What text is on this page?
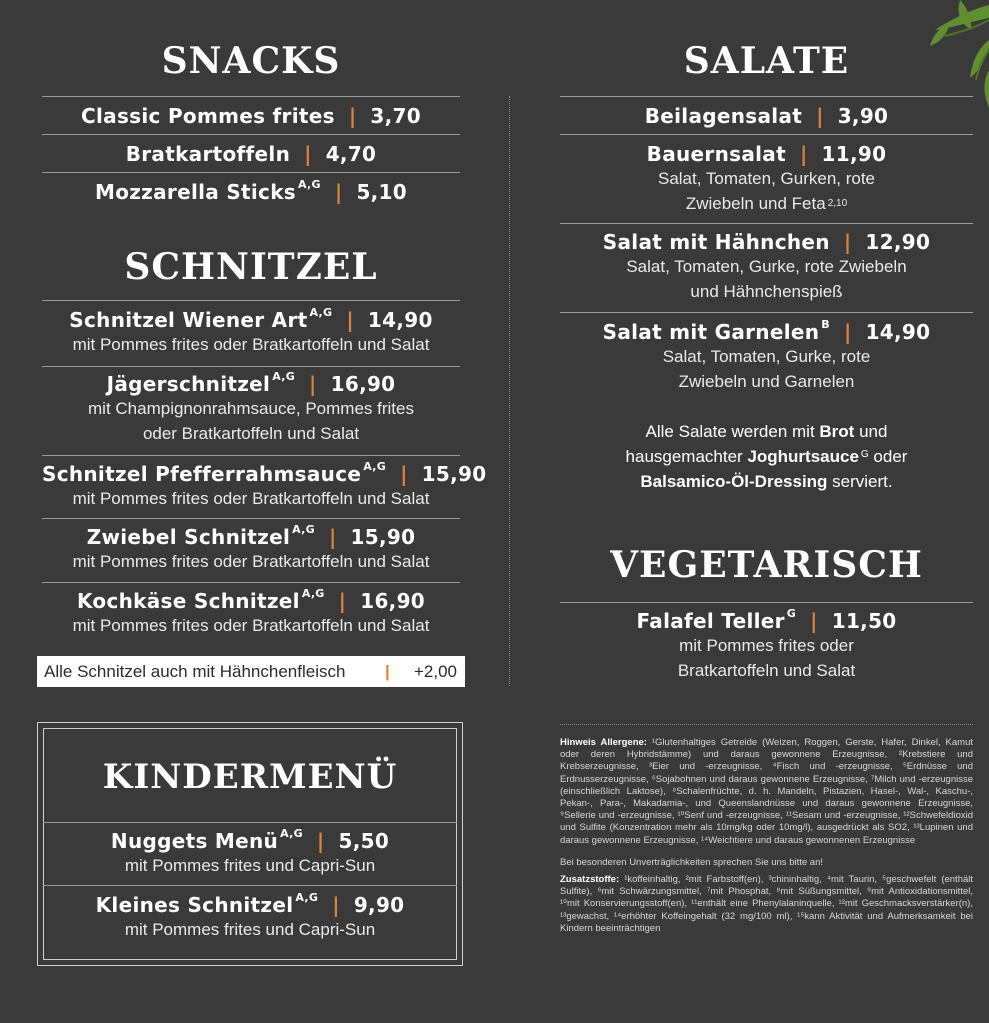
SNACKS
Classic Pommes frites | 3,70
Bratkartoffeln | 4,70
Mozzarella Sticks $^{A,G}$ | 5,10
SCHNITZEL
Schnitzel Wiener Art $^{A,G}$ | 14,90
mit Pommes frites oder Bratkartoffeln und Salat
Jägerschnitzel $^{A,G}$ | 16,90
mit Champignonrahmsauce, Pommes frites
oder Bratkartoffeln und Salat
Schnitzel Pfefferrahmsauce $^{A,G}$ | 15,90
mit Pommes frites oder Bratkartoffeln und Salat
Zwiebel Schnitzel $^{A,G}$ | 15,90
mit Pommes frites oder Bratkartoffeln und Salat
Kochkäse Schnitzel $^{A,G}$ | 16,90
mit Pommes frites oder Bratkartoffeln und Salat
Alle Schnitzel auch mit Hähnchenfleisch | +2,00
KINDERMENÜ
Nuggets Menü $^{A,G}$ | 5,50
mit Pommes frites und Capri-Sun
Kleines Schnitzel $^{A,G}$ | 9,90
mit Pommes frites und Capri-Sun
SALATE
Beilagensalat | 3,90
Bauernsalat | 11,90
Salat, Tomaten, Gurken, rote
Zwiebeln und Feta $^{2,10}$
Salat mit Hähnchen | 12,90
Salat, Tomaten, Gurke, rote Zwiebeln
und Hähnchenspieß
Salat mit Garnelen $^B$ | 14,90
Salat, Tomaten, Gurke, rote
Zwiebeln und Garnelen
Alle Salate werden mit Brot und
hausgemachter Joghurtsauce $^G$ oder
Balsamico-Öl-Dressing serviert.
VEGETARISCH
Falafel Teller $^G$ | 11,50
mit Pommes frites oder
Bratkartoffeln und Salat
Hinweis Allergene: ¹Glutenhaltiges Getreide (Weizen, Roggen, Gerste, Hafer, Dinkel, Kamut oder deren Hybridstämme) und daraus gewonnene Erzeugnisse, ²Krebstiere und Krebserzeugnisse, ³Eier und -erzeugnisse, ⁴Fisch und -erzeugnisse, ⁵Erdnüsse und Erdnusserzeugnisse, ⁶Sojabohnen und daraus gewonnene Erzeugnisse, ⁷Milch und -erzeugnisse (einschließlich Laktose), ⁸Schalenfrüchte, d. h. Mandeln, Pistazien, Hasel-, Wal-, Kaschu-, Pekan-, Para-, Makadamia-, und Queenslandnüsse und daraus gewonnene Erzeugnisse, ⁹Sellerie und -erzeugnisse, ¹⁰Senf und -erzeugnisse, ¹¹Sesam und -erzeugnisse, ¹²Schwefeldioxid und Sulfite (Konzentration mehr als 10mg/kg oder 10mg/l), ausgedrückt als SO2, ¹³Lupinen und daraus gewonnene Erzeugnisse, ¹⁴Weichtiere und daraus gewonnenen Erzeugnisse
Bei besonderen Unverträglichkeiten sprechen Sie uns bitte an!
Zusatzstoffe: ¹koffeinhaltig, ²mit Farbstoff(en), ³chininhaltig, ⁴mit Taurin, ⁵geschwefelt (enthält Sulfite), ⁶mit Schwärzungsmittel, ⁷mit Phosphat, ⁸mit Süßungsmittel, ⁹mit Antioxidationsmittel, ¹⁰mit Konservierungsstoff(en), ¹¹enthält eine Phenylalaninquelle, ¹²mit Geschmacksverstärker(n), ¹³gewachst, ¹⁴erhöhter Koffeingehalt (32 mg/100 ml), ¹⁵kann Aktivität und Aufmerksamkeit bei Kindern beeinträchtigen
